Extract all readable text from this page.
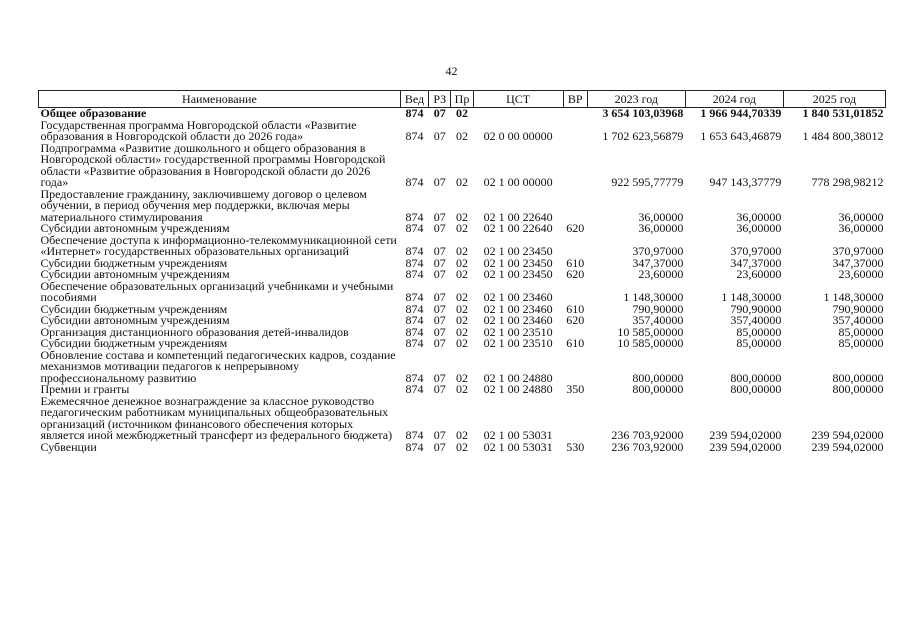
42
Наименование	Вед	РЗ	Пр	ЦСТ	ВР	2023 год	2024 год	2025 год
Общее образование	874	07	02			3 654 103,03968	1 966 944,70339	1 840 531,01852
Государственная программа Новгородской области «Развитие образования в Новгородской области до 2026 года»	874	07	02	02 0 00 00000		1 702 623,56879	1 653 643,46879	1 484 800,38012
Подпрограмма «Развитие дошкольного и общего образования в Новгородской области» государственной программы Новгородской области «Развитие образования в Новгородской области до 2026 года»	874	07	02	02 1 00 00000		922 595,77779	947 143,37779	778 298,98212
Предоставление гражданину, заключившему договор о целевом обучении, в период обучения мер поддержки, включая меры материального стимулирования	874	07	02	02 1 00 22640		36,00000	36,00000	36,00000
Субсидии автономным учреждениям	874	07	02	02 1 00 22640	620	36,00000	36,00000	36,00000
Обеспечение доступа к информационно-телекоммуникационной сети «Интернет» государственных образовательных организаций	874	07	02	02 1 00 23450		370,97000	370,97000	370,97000
Субсидии бюджетным учреждениям	874	07	02	02 1 00 23450	610	347,37000	347,37000	347,37000
Субсидии автономным учреждениям	874	07	02	02 1 00 23450	620	23,60000	23,60000	23,60000
Обеспечение образовательных организаций учебниками и учебными пособиями	874	07	02	02 1 00 23460		1 148,30000	1 148,30000	1 148,30000
Субсидии бюджетным учреждениям	874	07	02	02 1 00 23460	610	790,90000	790,90000	790,90000
Субсидии автономным учреждениям	874	07	02	02 1 00 23460	620	357,40000	357,40000	357,40000
Организация дистанционного образования детей-инвалидов	874	07	02	02 1 00 23510		10 585,00000	85,00000	85,00000
Субсидии бюджетным учреждениям	874	07	02	02 1 00 23510	610	10 585,00000	85,00000	85,00000
Обновление состава и компетенций педагогических кадров, создание механизмов мотивации педагогов к непрерывному профессиональному развитию	874	07	02	02 1 00 24880		800,00000	800,00000	800,00000
Премии и гранты	874	07	02	02 1 00 24880	350	800,00000	800,00000	800,00000
Ежемесячное денежное вознаграждение за классное руководство педагогическим работникам муниципальных общеобразовательных организаций (источником финансового обеспечения которых является иной межбюджетный трансферт из федерального бюджета)	874	07	02	02 1 00 53031		236 703,92000	239 594,02000	239 594,02000
Субвенции	874	07	02	02 1 00 53031	530	236 703,92000	239 594,02000	239 594,02000
